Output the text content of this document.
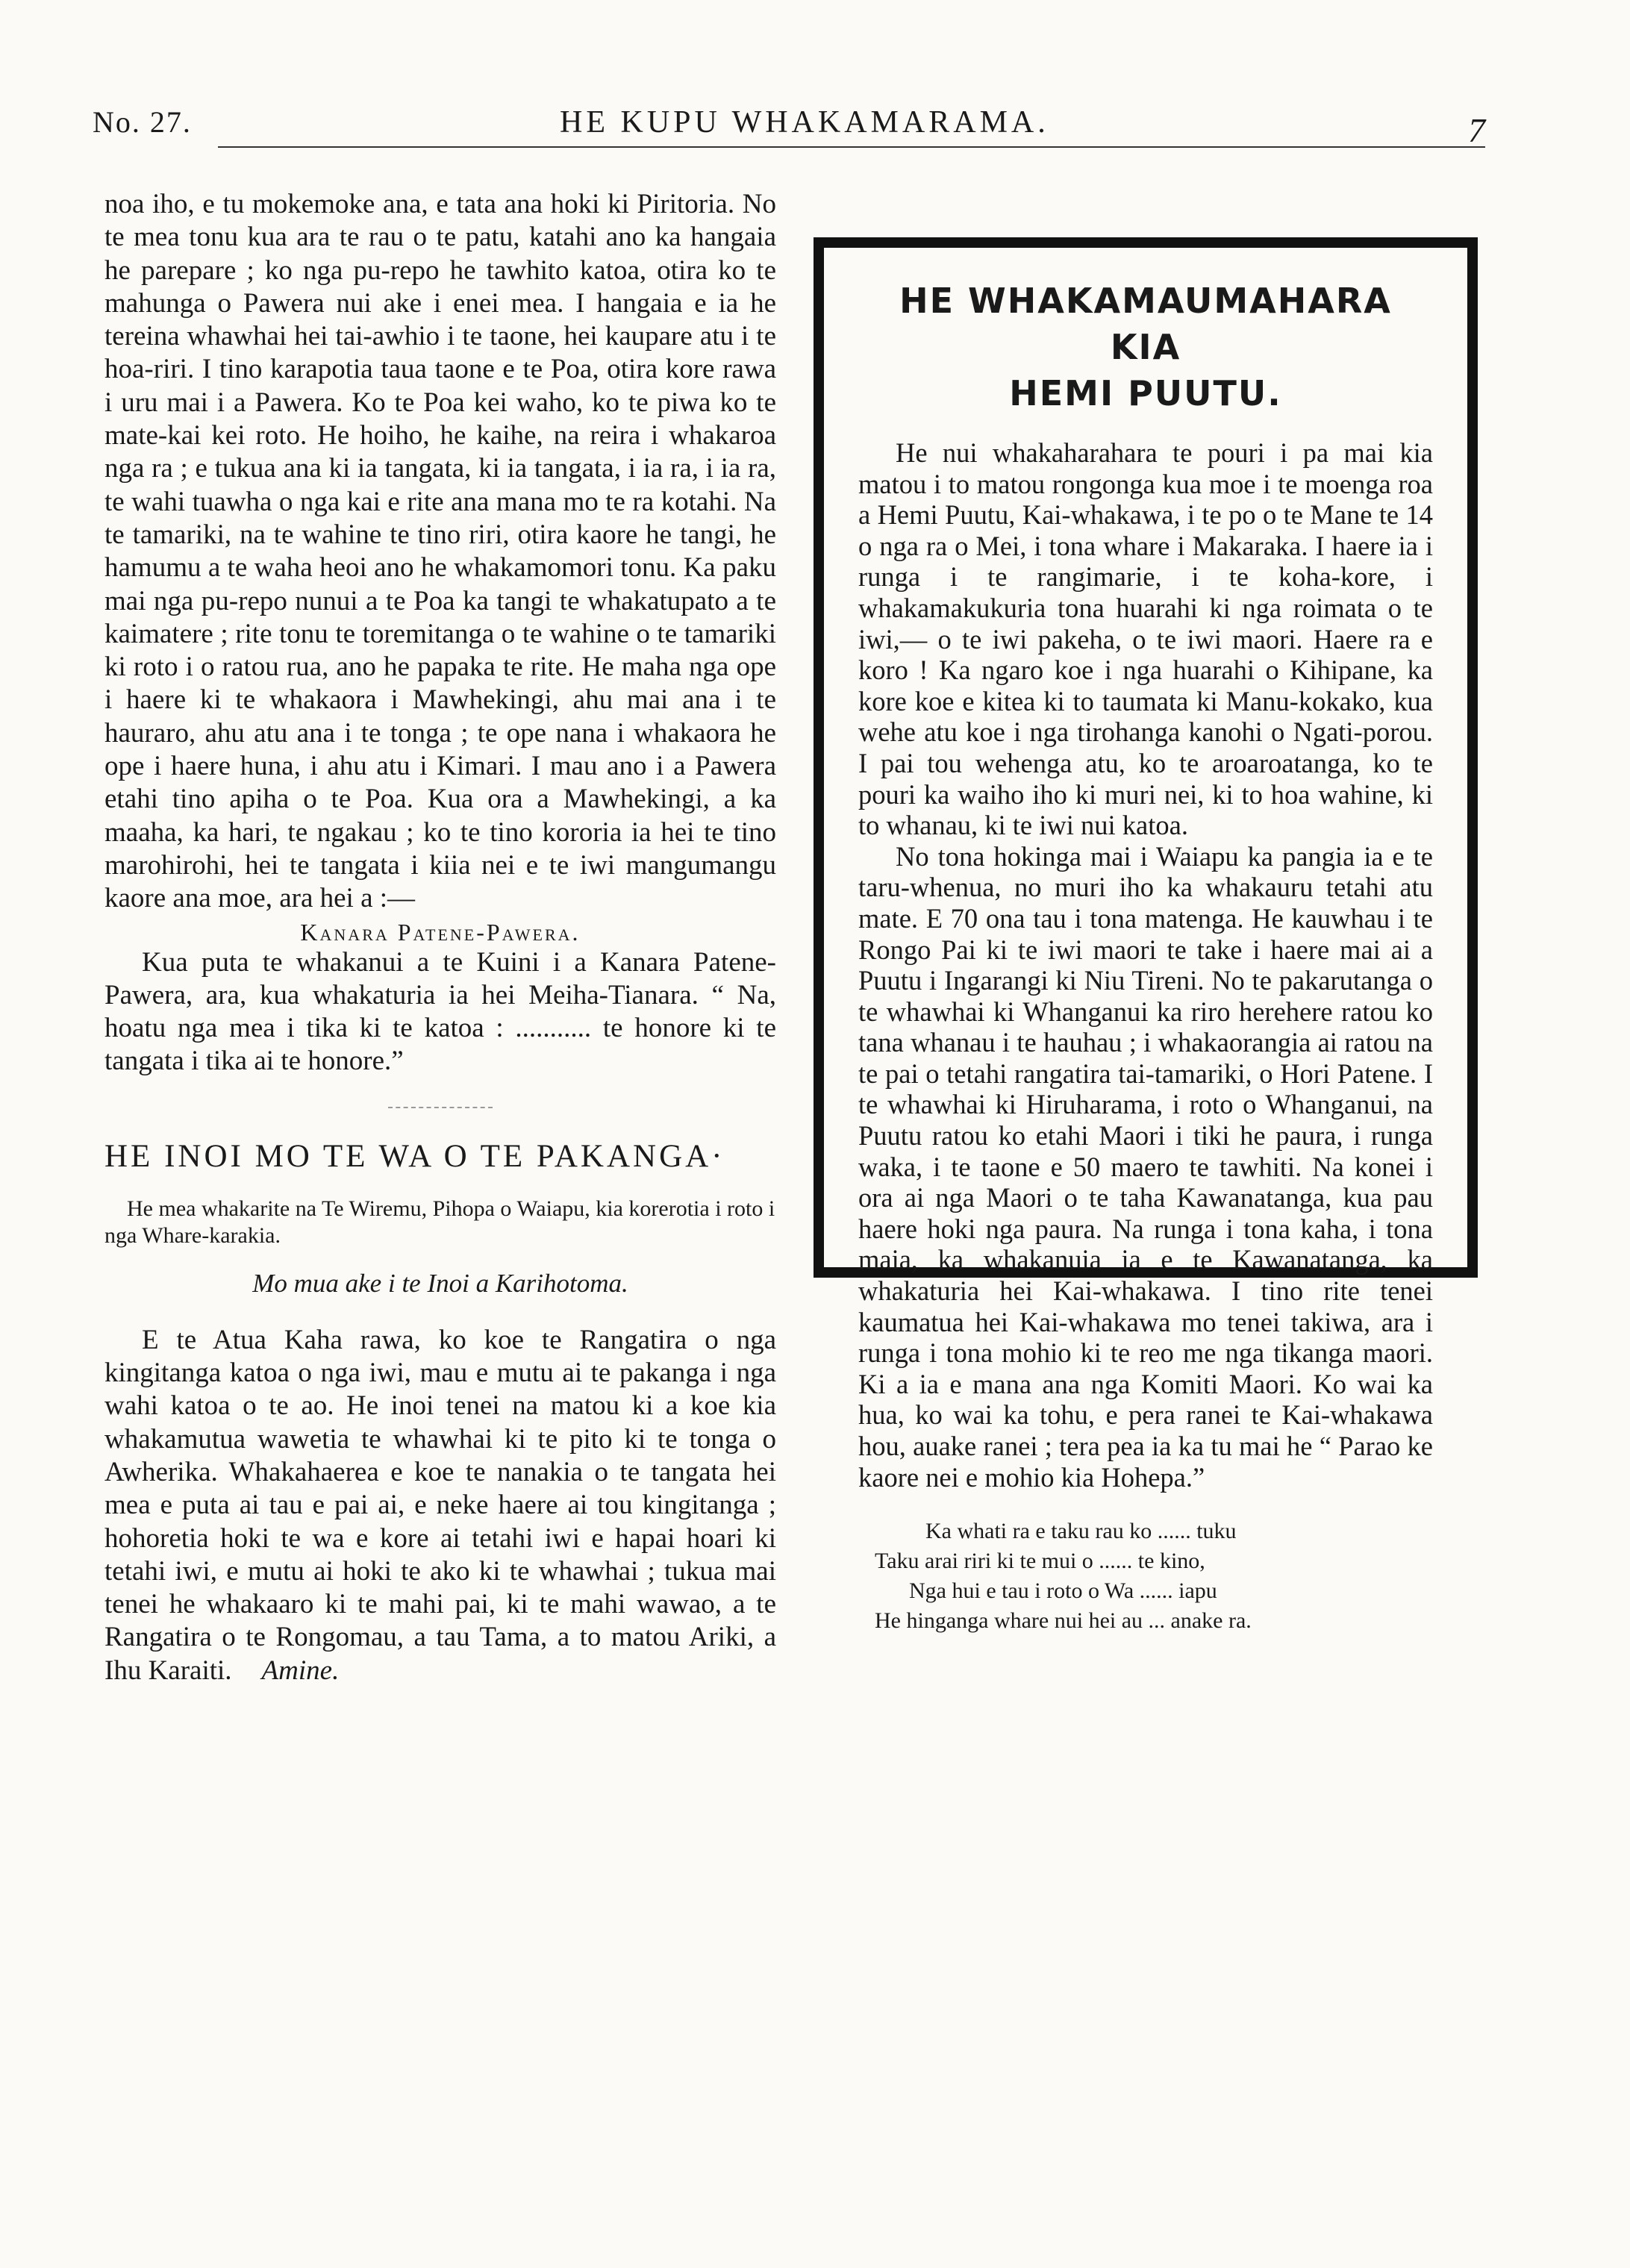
No. 27.	HE KUPU WHAKAMARAMA.	7

noa iho, e tu mokemoke ana, e tata ana hoki ki Piritoria. No te mea tonu kua ara te rau o te patu, katahi ano ka hangaia he parepare ; ko nga pu-repo he tawhito katoa, otira ko te mahunga o Pawera nui ake i enei mea. I hangaia e ia he tereina whawhai hei tai-awhio i te taone, hei kaupare atu i te hoa-riri. I tino karapotia taua taone e te Poa, otira kore rawa i uru mai i a Pawera. Ko te Poa kei waho, ko te piwa ko te mate-kai kei roto. He hoiho, he kaihe, na reira i whakaroa nga ra ; e tukua ana ki ia tangata, ki ia tangata, i ia ra, i ia ra, te wahi tuawha o nga kai e rite ana mana mo te ra kotahi. Na te tamariki, na te wahine te tino riri, otira kaore he tangi, he hamumu a te waha heoi ano he whakamomori tonu. Ka paku mai nga pu-repo nunui a te Poa ka tangi te whakatupato a te kaimatere ; rite tonu te toremitanga o te wahine o te tamariki ki roto i o ratou rua, ano he papaka te rite. He maha nga ope i haere ki te whakaora i Mawhekingi, ahu mai ana i te hauraro, ahu atu ana i te tonga ; te ope nana i whakaora he ope i haere huna, i ahu atu i Kimari. I mau ano i a Pawera etahi tino apiha o te Poa. Kua ora a Mawhekingi, a ka maaha, ka hari, te ngakau ; ko te tino kororia ia hei te tino marohirohi, hei te tangata i kiia nei e te iwi mangumangu kaore ana moe, ara hei a :—

Kanara Patene-Pawera.

Kua puta te whakanui a te Kuini i a Kanara Patene-Pawera, ara, kua whakaturia ia hei Meiha-Tianara. “ Na, hoatu nga mea i tika ki te katoa : ........... te honore ki te tangata i tika ai te honore.”

HE INOI MO TE WA O TE PAKANGA·

He mea whakarite na Te Wiremu, Pihopa o Waiapu, kia korerotia i roto i nga Whare-karakia.

Mo mua ake i te Inoi a Karihotoma.

E te Atua Kaha rawa, ko koe te Rangatira o nga kingitanga katoa o nga iwi, mau e mutu ai te pakanga i nga wahi katoa o te ao. He inoi tenei na matou ki a koe kia whakamutua wawetia te whawhai ki te pito ki te tonga o Awherika. Whakahaerea e koe te nanakia o te tangata hei mea e puta ai tau e pai ai, e neke haere ai tou kingitanga ; hohoretia hoki te wa e kore ai tetahi iwi e hapai hoari ki tetahi iwi, e mutu ai hoki te ako ki te whawhai ; tukua mai tenei he whakaaro ki te mahi pai, ki te mahi wawao, a te Rangatira o te Rongomau, a tau Tama, a to matou Ariki, a Ihu Karaiti. Amine.

HE WHAKAMAUMAHARA KIA
HEMI PUUTU.

He nui whakaharahara te pouri i pa mai kia matou i to matou rongonga kua moe i te moenga roa a Hemi Puutu, Kai-whakawa, i te po o te Mane te 14 o nga ra o Mei, i tona whare i Makaraka. I haere ia i runga i te rangimarie, i te koha-kore, i whakamakukuria tona huarahi ki nga roimata o te iwi,— o te iwi pakeha, o te iwi maori. Haere ra e koro ! Ka ngaro koe i nga huarahi o Kihipane, ka kore koe e kitea ki to taumata ki Manu-kokako, kua wehe atu koe i nga tirohanga kanohi o Ngati-porou. I pai tou wehenga atu, ko te aroaroatanga, ko te pouri ka waiho iho ki muri nei, ki to hoa wahine, ki to whanau, ki te iwi nui katoa.

No tona hokinga mai i Waiapu ka pangia ia e te taru-whenua, no muri iho ka whakauru tetahi atu mate. E 70 ona tau i tona matenga. He kauwhau i te Rongo Pai ki te iwi maori te take i haere mai ai a Puutu i Ingarangi ki Niu Tireni. No te pakarutanga o te whawhai ki Whanganui ka riro herehere ratou ko tana whanau i te hauhau ; i whakaorangia ai ratou na te pai o tetahi rangatira tai-tamariki, o Hori Patene. I te whawhai ki Hiruharama, i roto o Whanganui, na Puutu ratou ko etahi Maori i tiki he paura, i runga waka, i te taone e 50 maero te tawhiti. Na konei i ora ai nga Maori o te taha Kawanatanga, kua pau haere hoki nga paura. Na runga i tona kaha, i tona maia, ka whakanuia ia e te Kawanatanga, ka whakaturia hei Kai-whakawa. I tino rite tenei kaumatua hei Kai-whakawa mo tenei takiwa, ara i runga i tona mohio ki te reo me nga tikanga maori. Ki a ia e mana ana nga Komiti Maori. Ko wai ka hua, ko wai ka tohu, e pera ranei te Kai-whakawa hou, auake ranei ; tera pea ia ka tu mai he “ Parao ke kaore nei e mohio kia Hohepa.”

Ka whati ra e taku rau ko ...... tuku
Taku arai riri ki te mui o ...... te kino,
Nga hui e tau i roto o Wa ...... iapu
He hinganga whare nui hei au ... anake ra.
